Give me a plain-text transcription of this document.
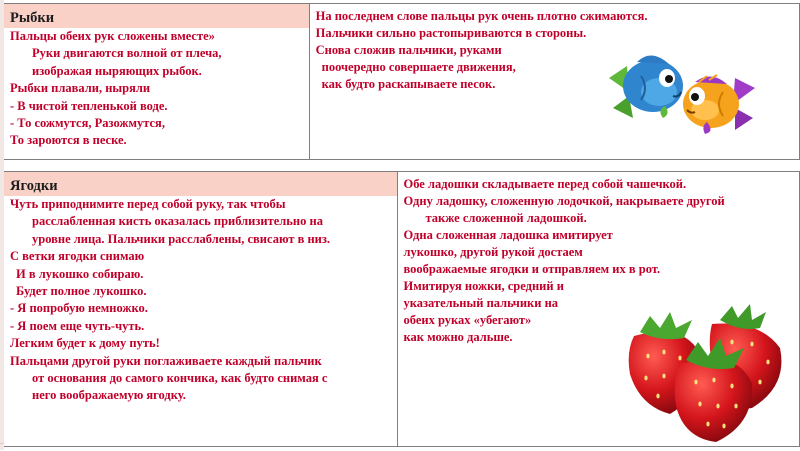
Рыбки

Пальцы обеих рук сложены вместе»

Руки двигаются волной от плеча,

изображая ныряющих рыбок.

Рыбки плавали, ныряли

- В чистой тепленькой воде.

- То сожмутся, Разожмутся,

То зароются в песке.

На последнем слове пальцы рук очень плотно сжимаются.

Пальчики сильно растопыриваются в стороны.

Снова сложив пальчики, руками

поочередно совершаете движения,

как будто раскапываете песок.

Ягодки

Чуть приподнимите перед собой руку, так чтобы

расслабленная кисть оказалась приблизительно на

уровне лица. Пальчики расслаблены, свисают в низ.

С ветки ягодки снимаю

И в лукошко собираю.

Будет полное лукошко.

- Я попробую немножко.

- Я поем еще чуть-чуть.

Легким будет к дому путь!

Пальцами другой руки поглаживаете каждый пальчик

от основания до самого кончика, как будто снимая с

него воображаемую ягодку.

Обе ладошки складываете перед собой чашечкой.

Одну ладошку, сложенную лодочкой, накрываете другой

также сложенной ладошкой.

Одна сложенная ладошка имитирует

лукошко, другой рукой достаем

воображаемые ягодки и отправляем их в рот.

Имитируя ножки, средний и

указательный пальчики на

обеих руках «убегают»

как можно дальше.
